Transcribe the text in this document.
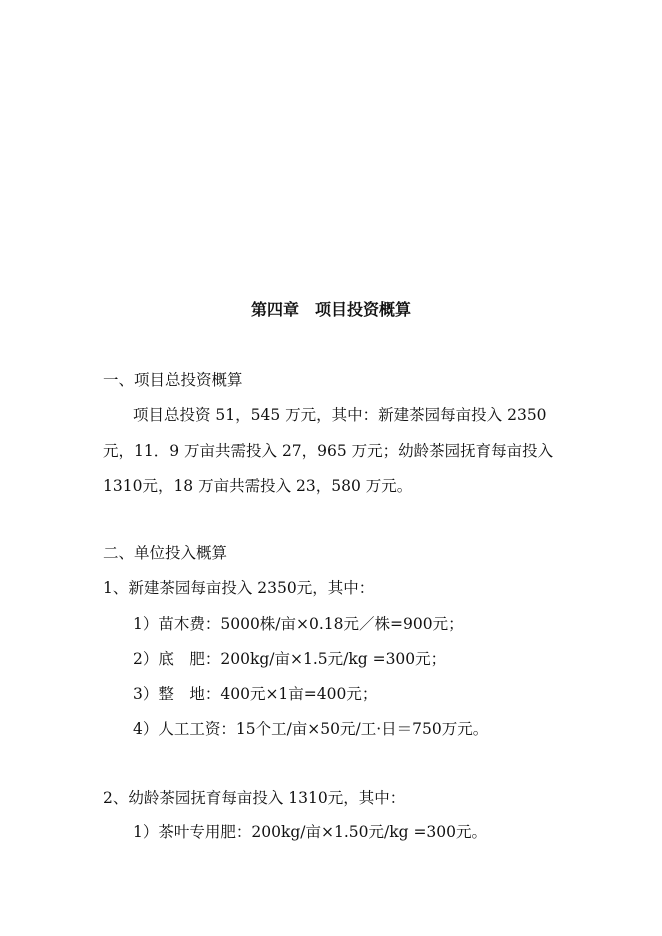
第四章　项目投资概算
一、项目总投资概算
项目总投资 51，545 万元，其中：新建茶园每亩投入 2350
元，11．9 万亩共需投入 27，965 万元；幼龄茶园抚育每亩投入
1310元，18 万亩共需投入 23，580 万元。
二、单位投入概算
1、新建茶园每亩投入 2350元，其中：
1）苗木费：5000株/亩×0.18元／株=900元；
2）底　肥：200kg/亩×1.5元/kg =300元；
3）整　地：400元×1亩=400元；
4）人工工资：15个工/亩×50元/工·日＝750万元。
2、幼龄茶园抚育每亩投入 1310元，其中：
1）茶叶专用肥：200kg/亩×1.50元/kg =300元。
